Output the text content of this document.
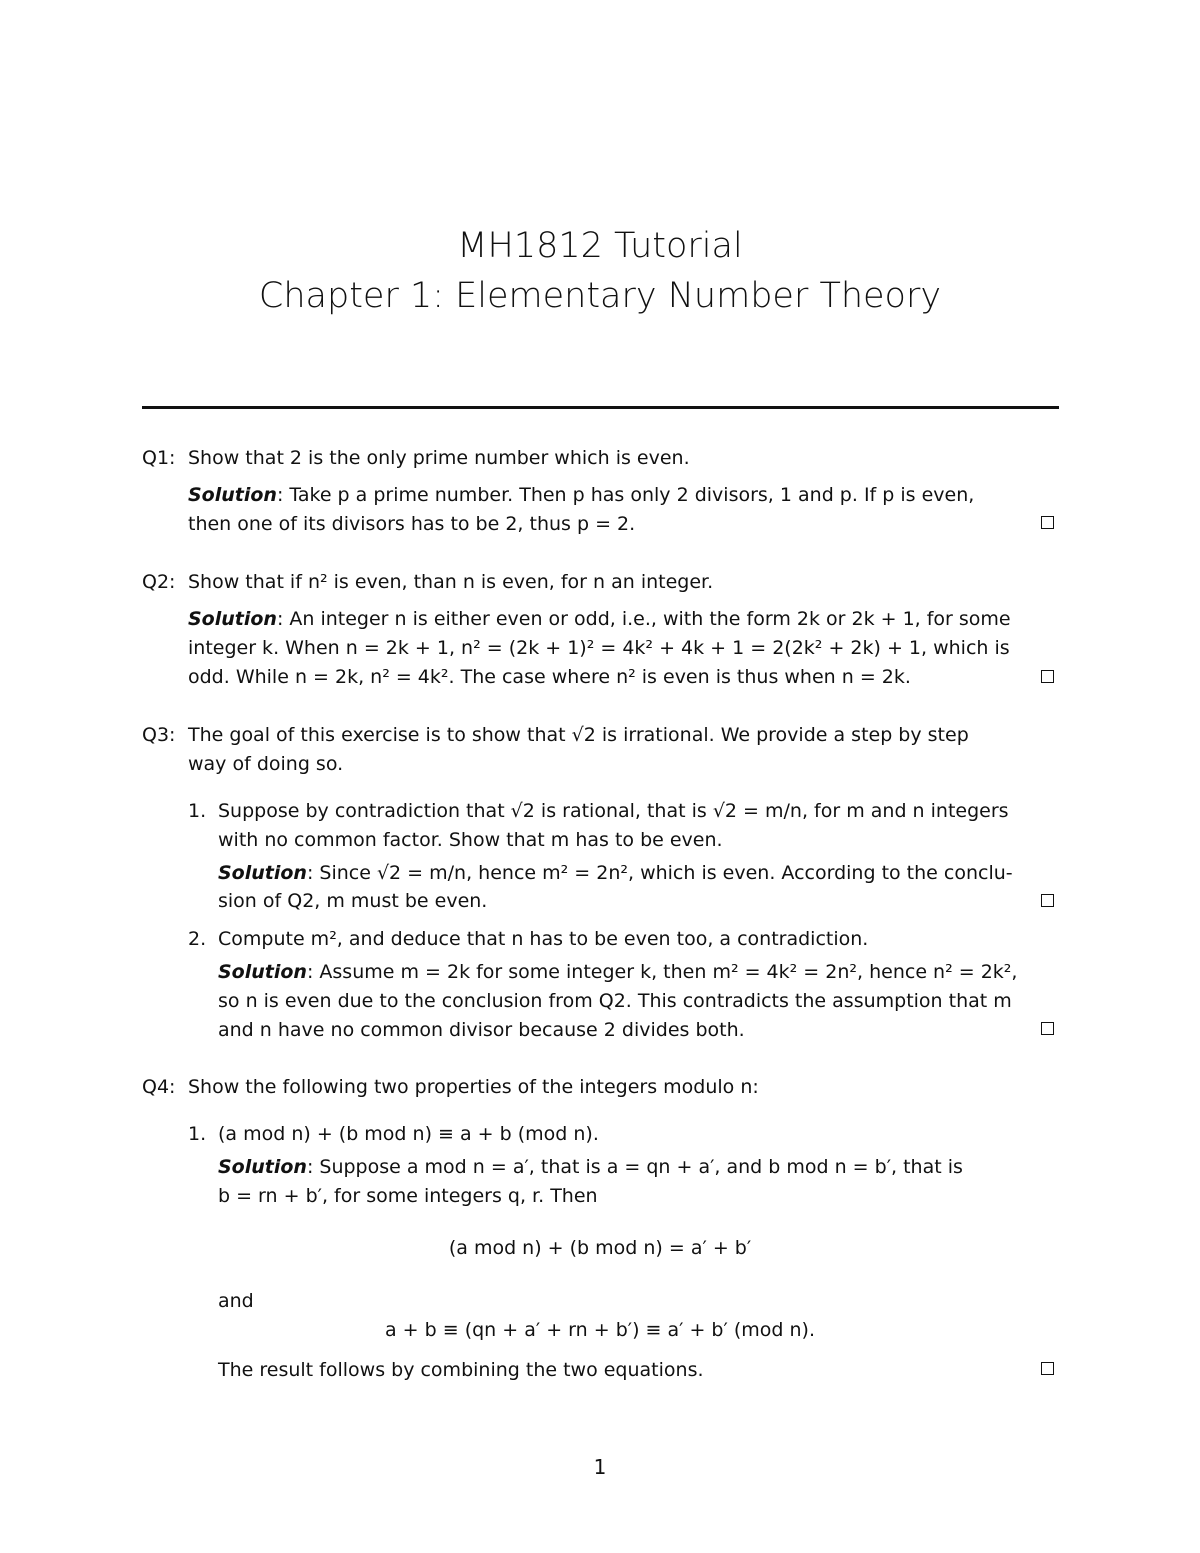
MH1812 Tutorial
Chapter 1: Elementary Number Theory
Q1: Show that 2 is the only prime number which is even.
Solution: Take p a prime number. Then p has only 2 divisors, 1 and p. If p is even,
then one of its divisors has to be 2, thus p = 2.
Q2: Show that if n² is even, than n is even, for n an integer.
Solution: An integer n is either even or odd, i.e., with the form 2k or 2k + 1, for some
integer k. When n = 2k + 1, n² = (2k + 1)² = 4k² + 4k + 1 = 2(2k² + 2k) + 1, which is
odd. While n = 2k, n² = 4k². The case where n² is even is thus when n = 2k.
Q3: The goal of this exercise is to show that √2 is irrational. We provide a step by step
way of doing so.
1. Suppose by contradiction that √2 is rational, that is √2 = m/n, for m and n integers
with no common factor. Show that m has to be even.
Solution: Since √2 = m/n, hence m² = 2n², which is even. According to the conclu-
sion of Q2, m must be even.
2. Compute m², and deduce that n has to be even too, a contradiction.
Solution: Assume m = 2k for some integer k, then m² = 4k² = 2n², hence n² = 2k²,
so n is even due to the conclusion from Q2. This contradicts the assumption that m
and n have no common divisor because 2 divides both.
Q4: Show the following two properties of the integers modulo n:
1. (a mod n) + (b mod n) ≡ a + b (mod n).
Solution: Suppose a mod n = a′, that is a = qn + a′, and b mod n = b′, that is
b = rn + b′, for some integers q, r. Then
(a mod n) + (b mod n) = a′ + b′
and
a + b ≡ (qn + a′ + rn + b′) ≡ a′ + b′ (mod n).
The result follows by combining the two equations.
1
